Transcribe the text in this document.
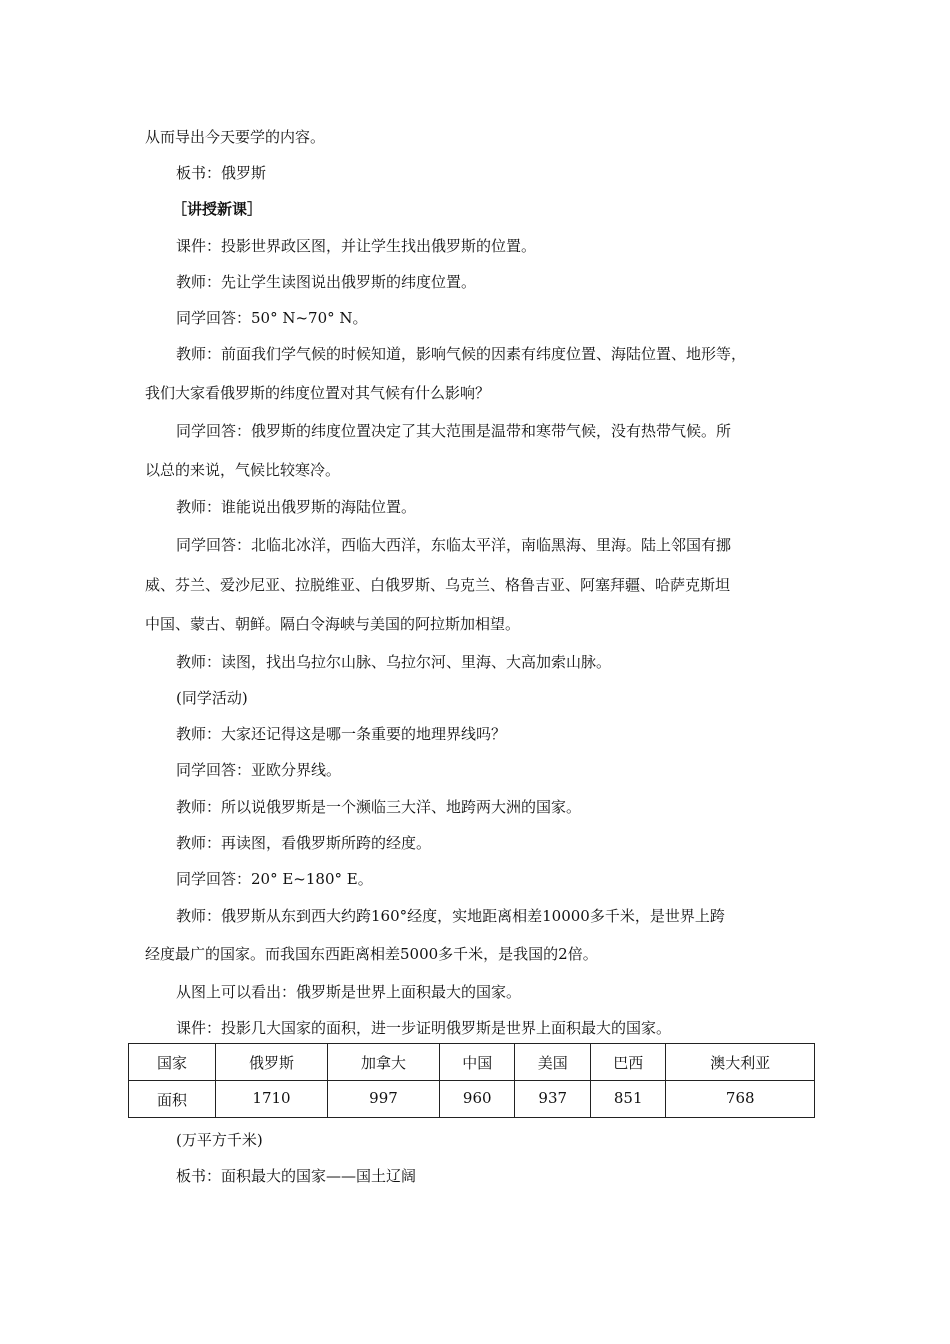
从而导出今天要学的内容。
板书：俄罗斯
［讲授新课］
课件：投影世界政区图，并让学生找出俄罗斯的位置。
教师：先让学生读图说出俄罗斯的纬度位置。
同学回答：50° N~70° N。
教师：前面我们学气候的时候知道，影响气候的因素有纬度位置、海陆位置、地形等，
我们大家看俄罗斯的纬度位置对其气候有什么影响？
同学回答：俄罗斯的纬度位置决定了其大范围是温带和寒带气候，没有热带气候。所
以总的来说，气候比较寒冷。
教师：谁能说出俄罗斯的海陆位置。
同学回答：北临北冰洋，西临大西洋，东临太平洋，南临黑海、里海。陆上邻国有挪
威、芬兰、爱沙尼亚、拉脱维亚、白俄罗斯、乌克兰、格鲁吉亚、阿塞拜疆、哈萨克斯坦
中国、蒙古、朝鲜。隔白令海峡与美国的阿拉斯加相望。
教师：读图，找出乌拉尔山脉、乌拉尔河、里海、大高加索山脉。
(同学活动)
教师：大家还记得这是哪一条重要的地理界线吗？
同学回答：亚欧分界线。
教师：所以说俄罗斯是一个濒临三大洋、地跨两大洲的国家。
教师：再读图，看俄罗斯所跨的经度。
同学回答：20° E~180° E。
教师：俄罗斯从东到西大约跨160°经度，实地距离相差10000多千米，是世界上跨
经度最广的国家。而我国东西距离相差5000多千米，是我国的2倍。
从图上可以看出：俄罗斯是世界上面积最大的国家。
课件：投影几大国家的面积，进一步证明俄罗斯是世界上面积最大的国家。
国家	俄罗斯	加拿大	中国	美国	巴西	澳大利亚
面积	1710	997	960	937	851	768
(万平方千米)
板书：面积最大的国家——国土辽阔
